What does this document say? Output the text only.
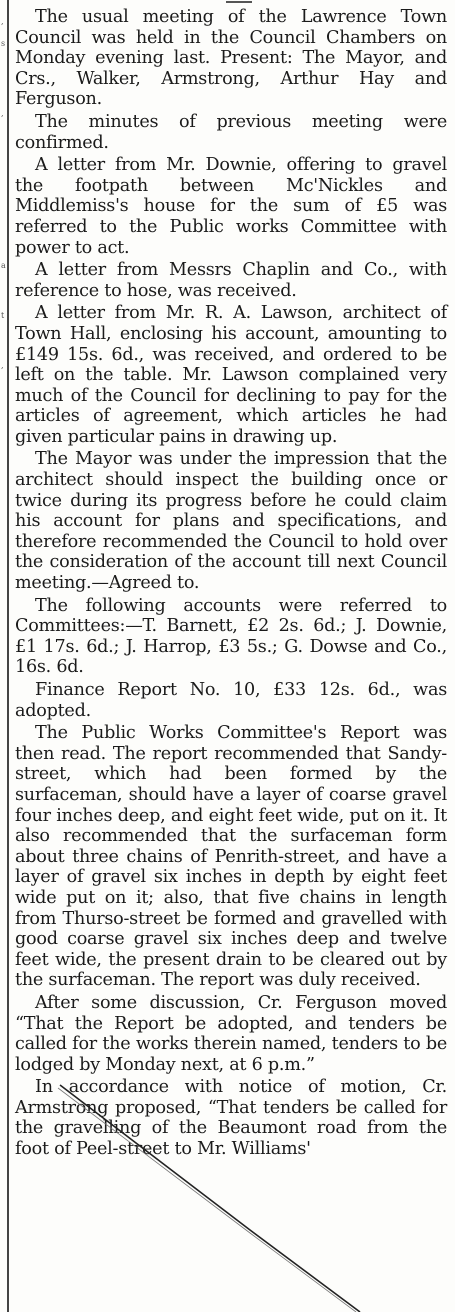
,
s
,
a
t
,

The usual meeting of the Lawrence Town Council was held in the Council Chambers on Monday evening last. Present: The Mayor, and Crs., Walker, Armstrong, Arthur Hay and Ferguson.

The minutes of previous meeting were confirmed.

A letter from Mr. Downie, offering to gravel the footpath between Mc'Nickles and Middlemiss's house for the sum of £5 was referred to the Public works Committee with power to act.

A letter from Messrs Chaplin and Co., with reference to hose, was received.

A letter from Mr. R. A. Lawson, architect of Town Hall, enclosing his account, amounting to £149 15s. 6d., was received, and ordered to be left on the table. Mr. Lawson complained very much of the Council for declining to pay for the articles of agreement, which articles he had given particular pains in drawing up.

The Mayor was under the impression that the architect should inspect the building once or twice during its progress before he could claim his account for plans and specifications, and therefore recommended the Council to hold over the consideration of the account till next Council meeting.—Agreed to.

The following accounts were referred to Committees:—T. Barnett, £2 2s. 6d.; J. Downie, £1 17s. 6d.; J. Harrop, £3 5s.; G. Dowse and Co., 16s. 6d.

Finance Report No. 10, £33 12s. 6d., was adopted.

The Public Works Committee's Report was then read. The report recommended that Sandy-street, which had been formed by the surfaceman, should have a layer of coarse gravel four inches deep, and eight feet wide, put on it. It also recommended that the surfaceman form about three chains of Penrith-street, and have a layer of gravel six inches in depth by eight feet wide put on it; also, that five chains in length from Thurso-street be formed and gravelled with good coarse gravel six inches deep and twelve feet wide, the present drain to be cleared out by the surfaceman. The report was duly received.

After some discussion, Cr. Ferguson moved “That the Report be adopted, and tenders be called for the works therein named, tenders to be lodged by Monday next, at 6 p.m.”

In accordance with notice of motion, Cr. Armstrong proposed, “That tenders be called for the gravelling of the Beaumont road from the foot of Peel-street to Mr. Williams'
